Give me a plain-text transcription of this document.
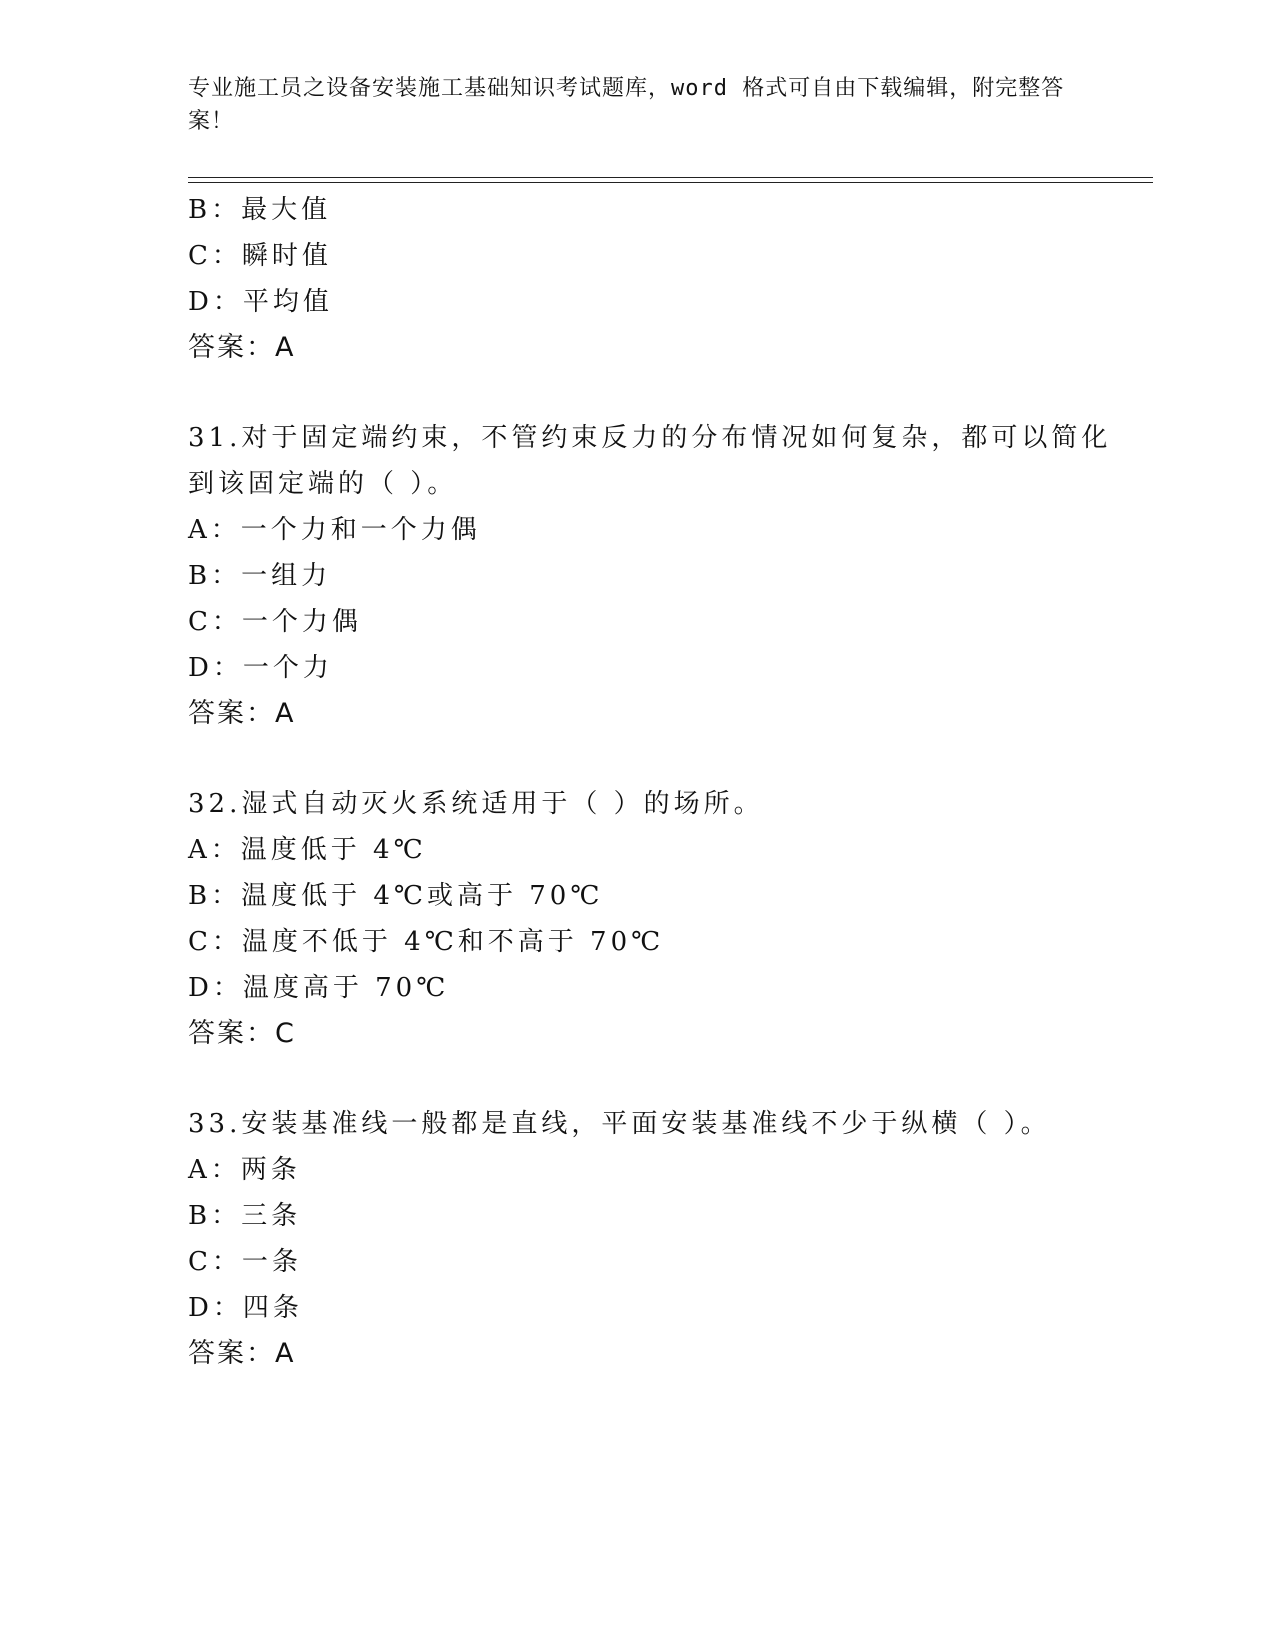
专业施工员之设备安装施工基础知识考试题库，word 格式可自由下载编辑，附完整答案！
B：最大值
C：瞬时值
D：平均值
答案：A
31.对于固定端约束，不管约束反力的分布情况如何复杂，都可以简化
到该固定端的（ ）。
A：一个力和一个力偶
B：一组力
C：一个力偶
D：一个力
答案：A
32.湿式自动灭火系统适用于（ ）的场所。
A：温度低于 4℃
B：温度低于 4℃或高于 70℃
C：温度不低于 4℃和不高于 70℃
D：温度高于 70℃
答案：C
33.安装基准线一般都是直线，平面安装基准线不少于纵横（ ）。
A：两条
B：三条
C：一条
D：四条
答案：A
